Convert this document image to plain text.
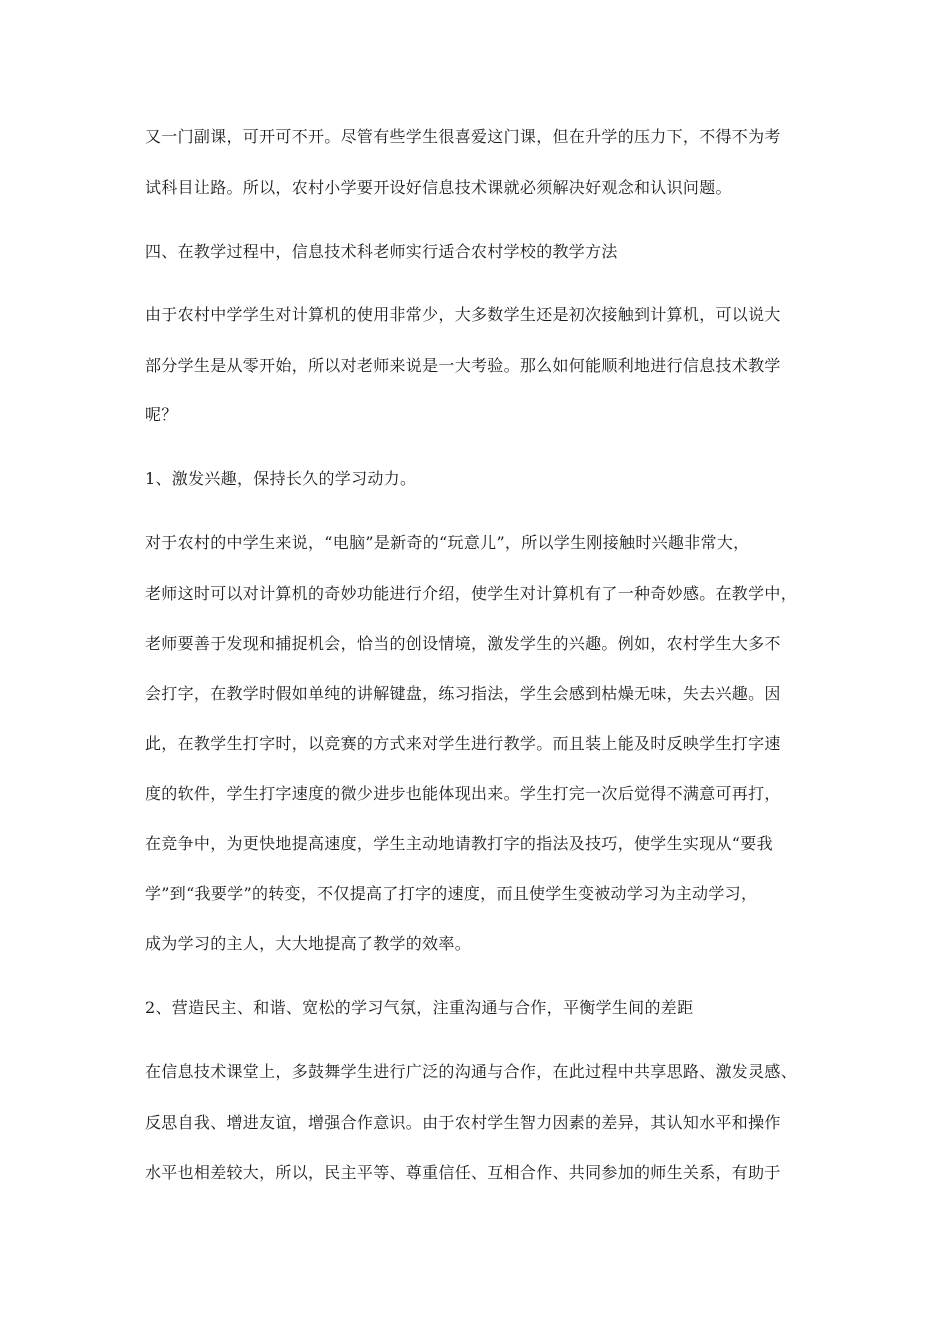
又一门副课，可开可不开。尽管有些学生很喜爱这门课，但在升学的压力下，不得不为考
试科目让路。所以，农村小学要开设好信息技术课就必须解决好观念和认识问题。
四、在教学过程中，信息技术科老师实行适合农村学校的教学方法
由于农村中学学生对计算机的使用非常少，大多数学生还是初次接触到计算机，可以说大
部分学生是从零开始，所以对老师来说是一大考验。那么如何能顺利地进行信息技术教学
呢？
1、激发兴趣，保持长久的学习动力。
对于农村的中学生来说，“电脑”是新奇的“玩意儿”，所以学生刚接触时兴趣非常大，
老师这时可以对计算机的奇妙功能进行介绍，使学生对计算机有了一种奇妙感。在教学中，
老师要善于发现和捕捉机会，恰当的创设情境，激发学生的兴趣。例如，农村学生大多不
会打字，在教学时假如单纯的讲解键盘，练习指法，学生会感到枯燥无味，失去兴趣。因
此，在教学生打字时，以竞赛的方式来对学生进行教学。而且装上能及时反映学生打字速
度的软件，学生打字速度的微少进步也能体现出来。学生打完一次后觉得不满意可再打，
在竞争中，为更快地提高速度，学生主动地请教打字的指法及技巧，使学生实现从“要我
学”到“我要学”的转变，不仅提高了打字的速度，而且使学生变被动学习为主动学习，
成为学习的主人，大大地提高了教学的效率。
2、营造民主、和谐、宽松的学习气氛，注重沟通与合作，平衡学生间的差距
在信息技术课堂上，多鼓舞学生进行广泛的沟通与合作，在此过程中共享思路、激发灵感、
反思自我、增进友谊，增强合作意识。由于农村学生智力因素的差异，其认知水平和操作
水平也相差较大，所以，民主平等、尊重信任、互相合作、共同参加的师生关系，有助于
